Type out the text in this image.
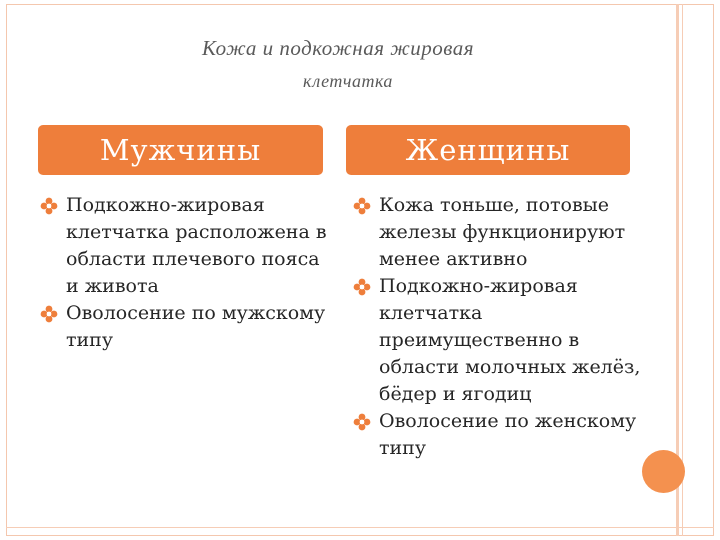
Кожа и подкожная жировая
клетчатка
Мужчины	Женщины
Подкожно-жировая клетчатка расположена в области плечевого пояса и живота
Оволосение по мужскому типу
Кожа тоньше, потовые железы функционируют менее активно
Подкожно-жировая клетчатка преимущественно в области молочных желёз, бёдер и ягодиц
Оволосение по женскому типу
